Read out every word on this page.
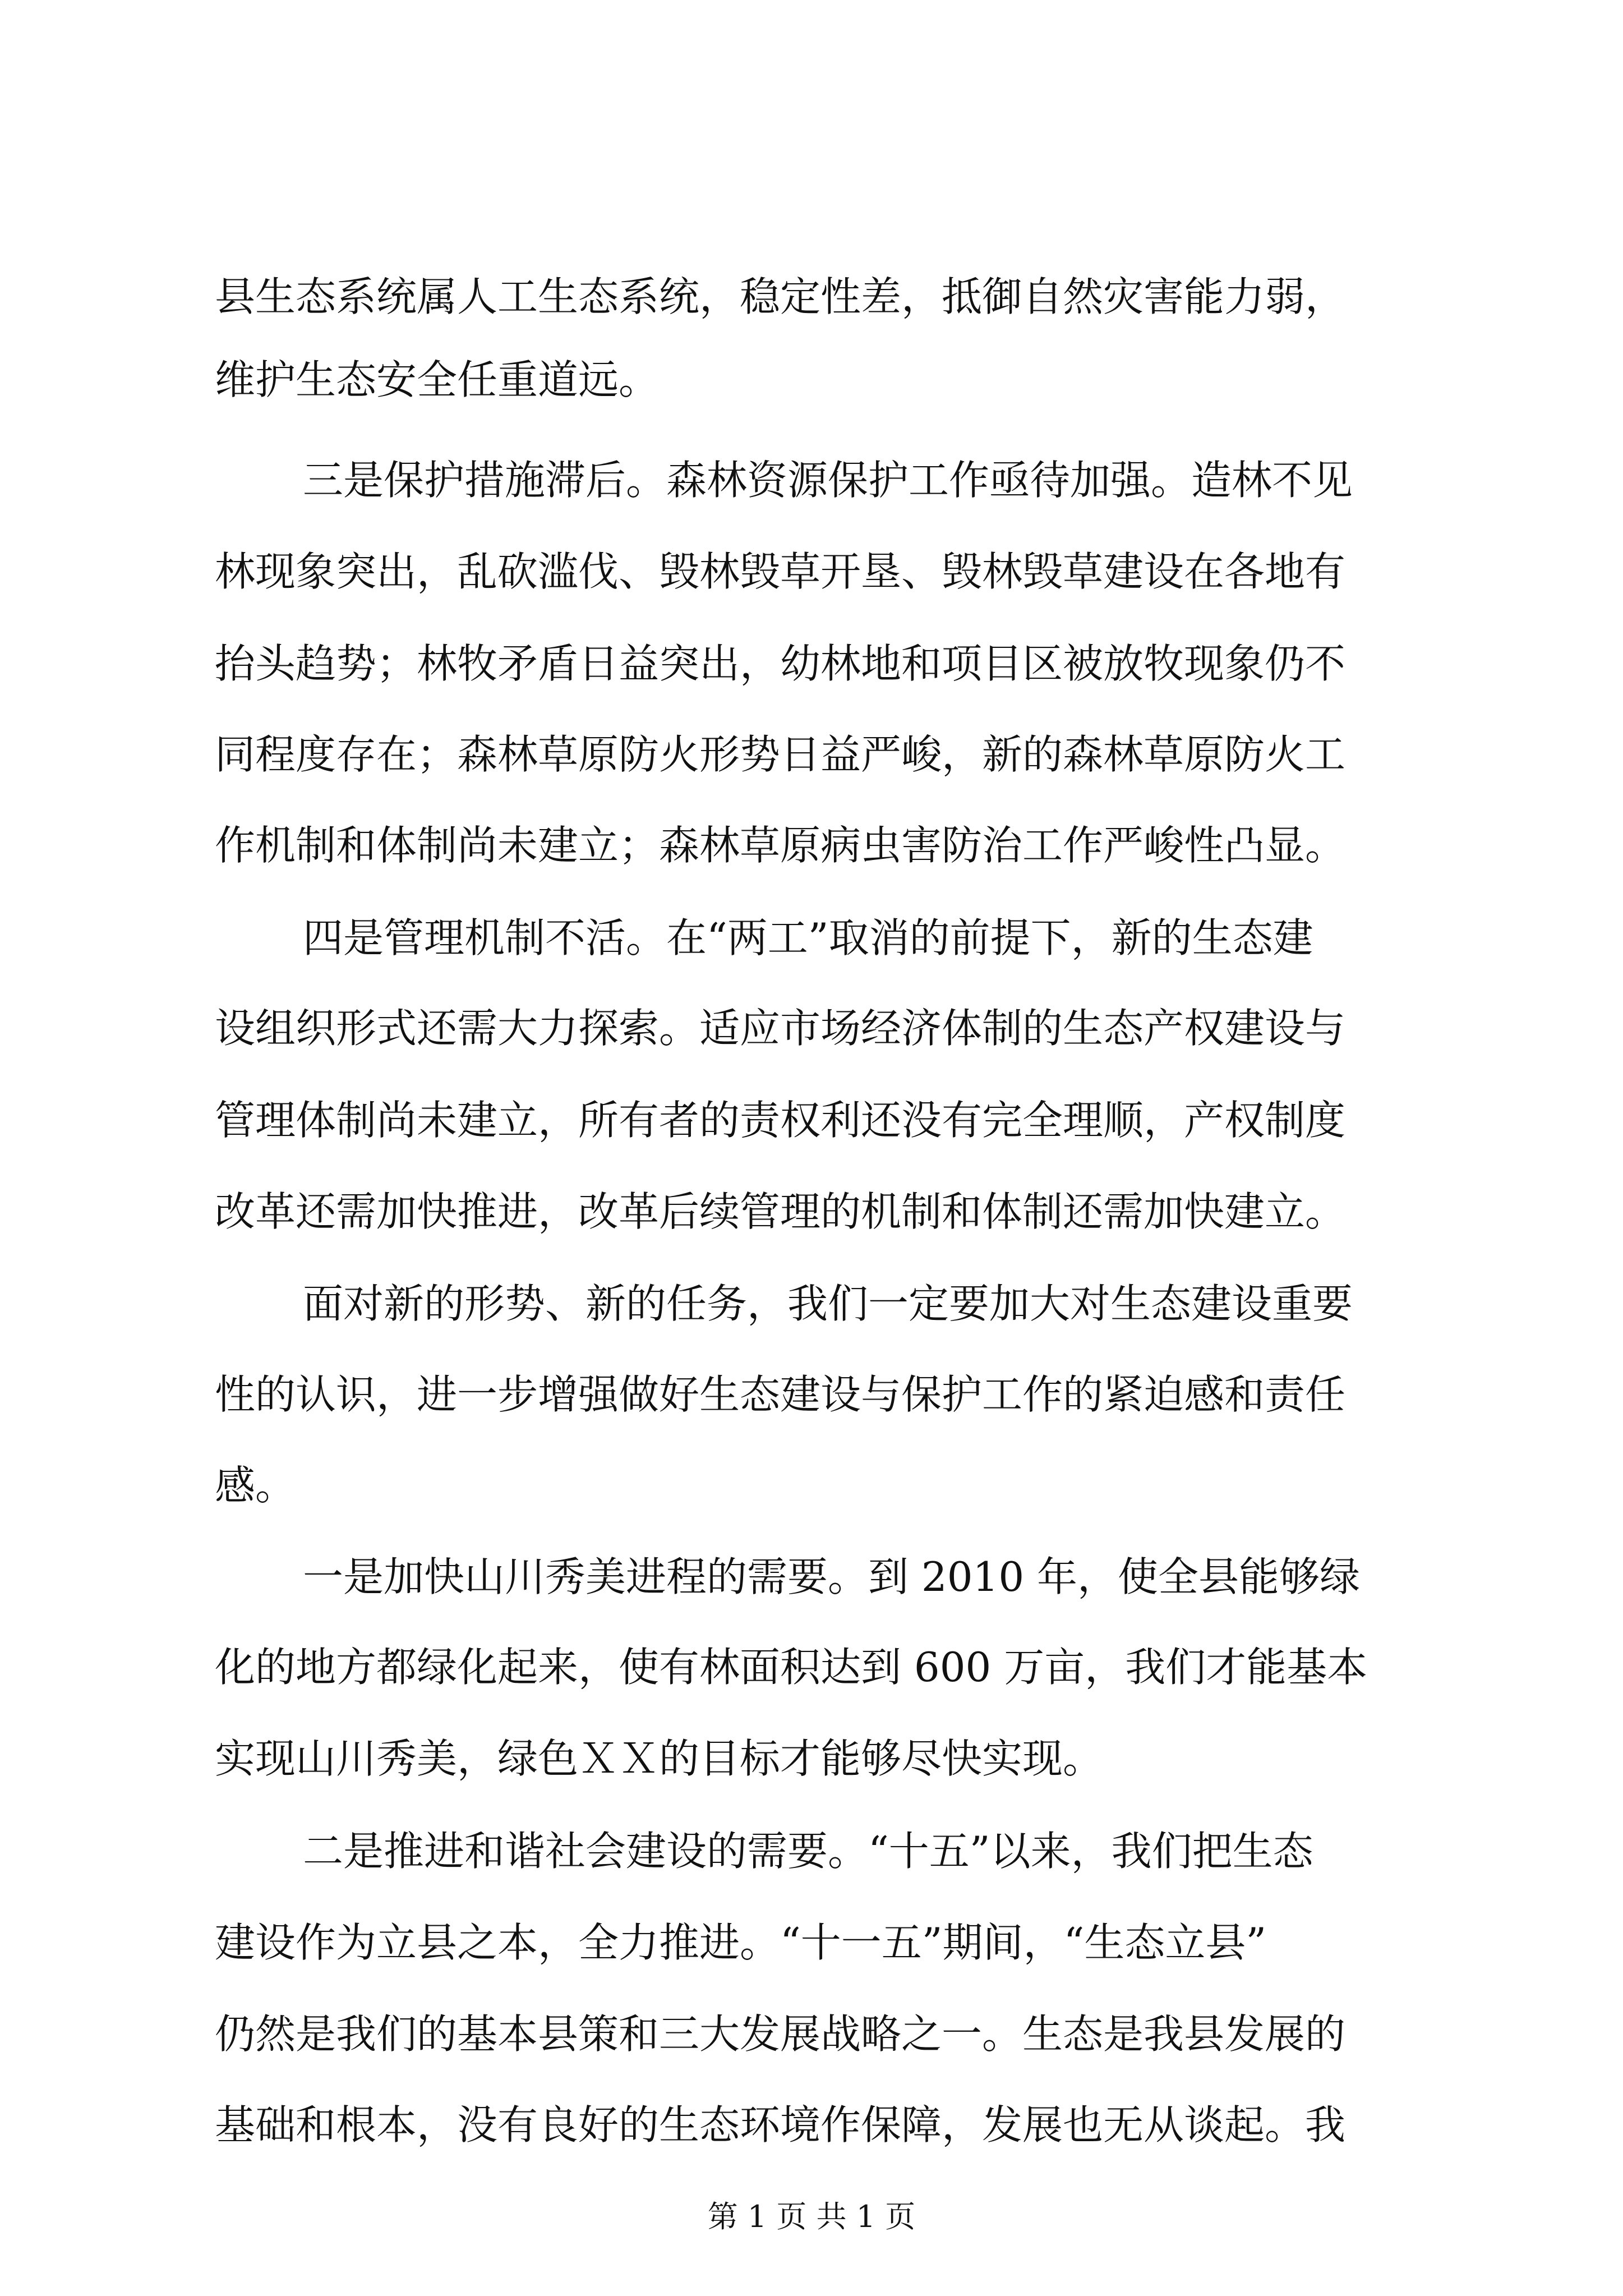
县生态系统属人工生态系统，稳定性差，抵御自然灾害能力弱，
维护生态安全任重道远。
三是保护措施滞后。森林资源保护工作亟待加强。造林不见
林现象突出，乱砍滥伐、毁林毁草开垦、毁林毁草建设在各地有
抬头趋势；林牧矛盾日益突出，幼林地和项目区被放牧现象仍不
同程度存在；森林草原防火形势日益严峻，新的森林草原防火工
作机制和体制尚未建立；森林草原病虫害防治工作严峻性凸显。
四是管理机制不活。在“两工”取消的前提下，新的生态建
设组织形式还需大力探索。适应市场经济体制的生态产权建设与
管理体制尚未建立，所有者的责权利还没有完全理顺，产权制度
改革还需加快推进，改革后续管理的机制和体制还需加快建立。
面对新的形势、新的任务，我们一定要加大对生态建设重要
性的认识，进一步增强做好生态建设与保护工作的紧迫感和责任
感。
一是加快山川秀美进程的需要。到 2010 年，使全县能够绿
化的地方都绿化起来，使有林面积达到 600 万亩，我们才能基本
实现山川秀美，绿色ＸＸ的目标才能够尽快实现。
二是推进和谐社会建设的需要。“十五”以来，我们把生态
建设作为立县之本，全力推进。“十一五”期间，“生态立县”
仍然是我们的基本县策和三大发展战略之一。生态是我县发展的
基础和根本，没有良好的生态环境作保障，发展也无从谈起。我
第 1 页 共 1 页
